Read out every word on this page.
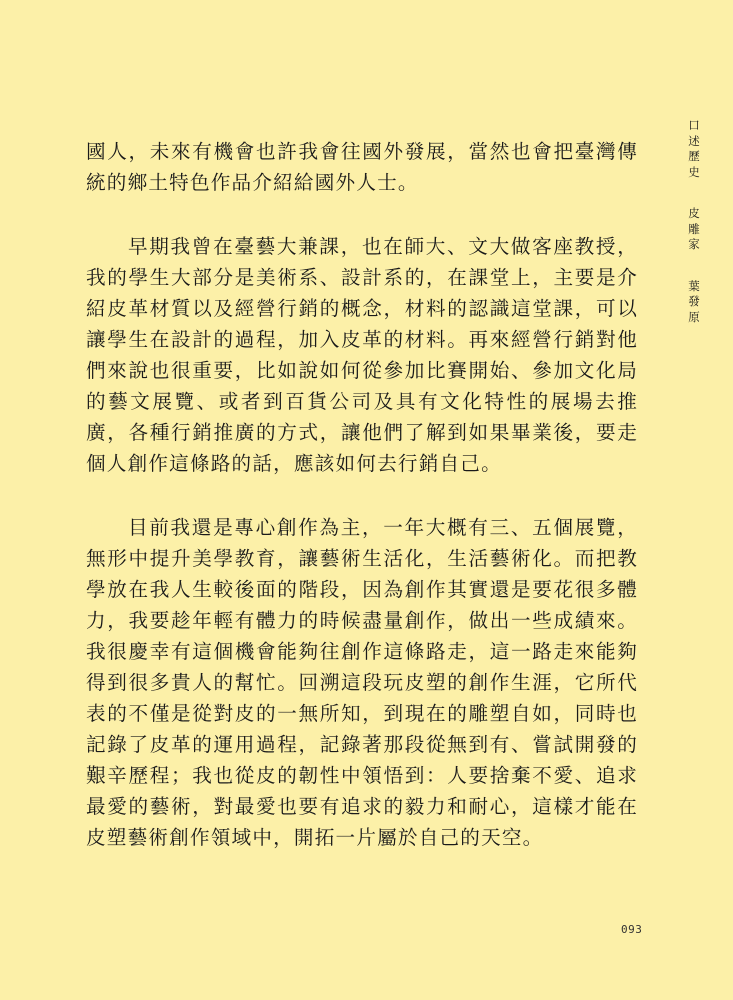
國人，未來有機會也許我會往國外發展，當然也會把臺灣傳統的鄉土特色作品介紹給國外人士。

早期我曾在臺藝大兼課，也在師大、文大做客座教授，我的學生大部分是美術系、設計系的，在課堂上，主要是介紹皮革材質以及經營行銷的概念，材料的認識這堂課，可以讓學生在設計的過程，加入皮革的材料。再來經營行銷對他們來說也很重要，比如說如何從參加比賽開始、參加文化局的藝文展覽、或者到百貨公司及具有文化特性的展場去推廣，各種行銷推廣的方式，讓他們了解到如果畢業後，要走個人創作這條路的話，應該如何去行銷自己。

目前我還是專心創作為主，一年大概有三、五個展覽，無形中提升美學教育，讓藝術生活化，生活藝術化。而把教學放在我人生較後面的階段，因為創作其實還是要花很多體力，我要趁年輕有體力的時候盡量創作，做出一些成績來。我很慶幸有這個機會能夠往創作這條路走，這一路走來能夠得到很多貴人的幫忙。回溯這段玩皮塑的創作生涯，它所代表的不僅是從對皮的一無所知，到現在的雕塑自如，同時也記錄了皮革的運用過程，記錄著那段從無到有、嘗試開發的艱辛歷程；我也從皮的韌性中領悟到：人要捨棄不愛、追求最愛的藝術，對最愛也要有追求的毅力和耐心，這樣才能在皮塑藝術創作領域中，開拓一片屬於自己的天空。

口
述
歷
史
皮
雕
家
葉
發
原
093
